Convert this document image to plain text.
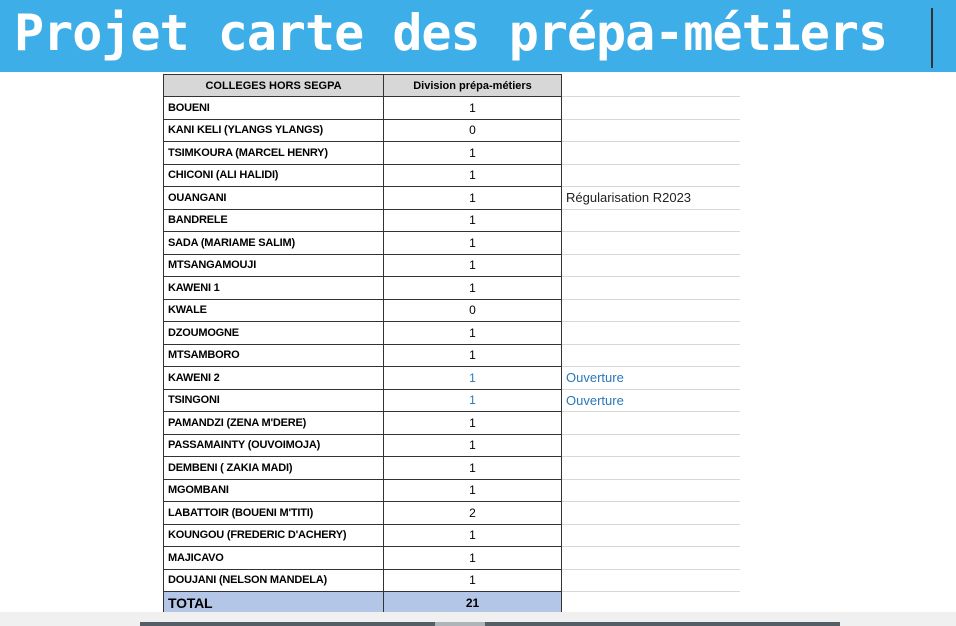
Projet carte des prépa-métiers
COLLEGES HORS SEGPA	Division prépa-métiers	
BOUENI	1	
KANI KELI (YLANGS YLANGS)	0	
TSIMKOURA (MARCEL HENRY)	1	
CHICONI (ALI HALIDI)	1	
OUANGANI	1	Régularisation R2023
BANDRELE	1	
SADA (MARIAME SALIM)	1	
MTSANGAMOUJI	1	
KAWENI 1	1	
KWALE	0	
DZOUMOGNE	1	
MTSAMBORO	1	
KAWENI 2	1	Ouverture
TSINGONI	1	Ouverture
PAMANDZI (ZENA M'DERE)	1	
PASSAMAINTY (OUVOIMOJA)	1	
DEMBENI ( ZAKIA MADI)	1	
MGOMBANI	1	
LABATTOIR (BOUENI M'TITI)	2	
KOUNGOU (FREDERIC D'ACHERY)	1	
MAJICAVO	1	
DOUJANI (NELSON MANDELA)	1	
TOTAL	21	
